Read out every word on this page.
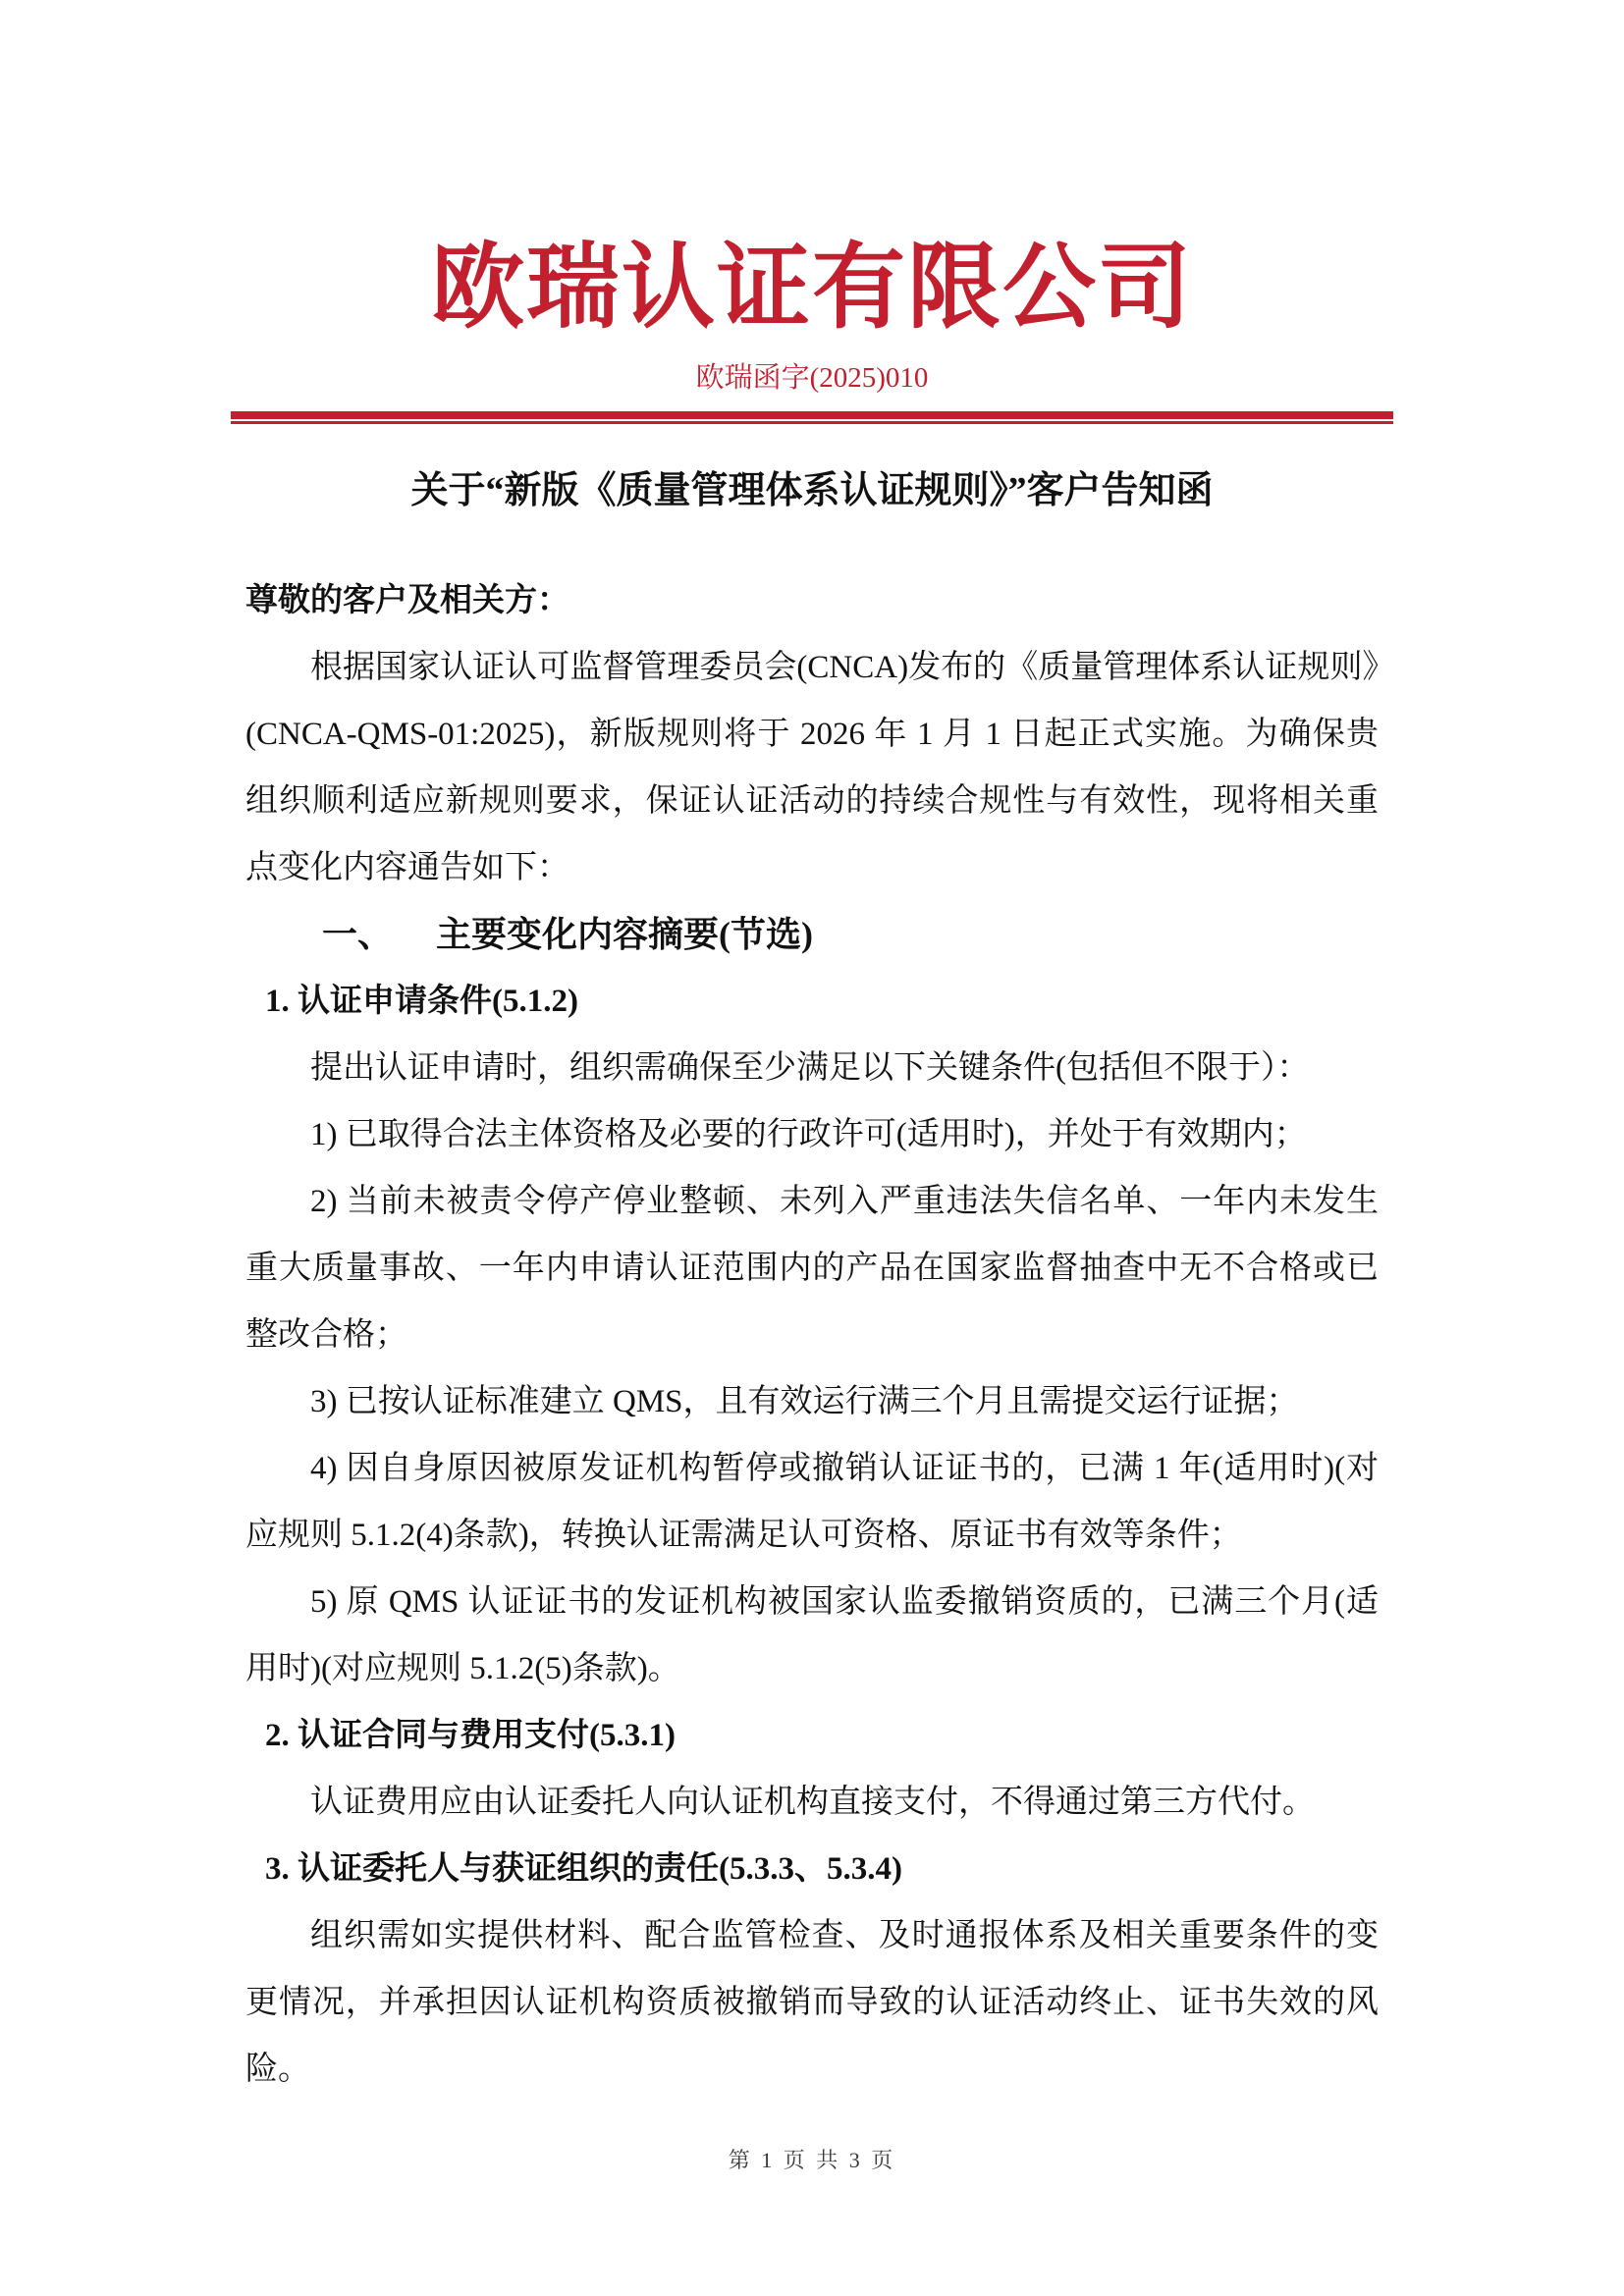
欧瑞认证有限公司
欧瑞函字(2025)010
关于“新版《质量管理体系认证规则》”客户告知函

尊敬的客户及相关方：

根据国家认证认可监督管理委员会(CNCA)发布的《质量管理体系认证规则》(CNCA-QMS-01:2025)，新版规则将于 2026 年 1 月 1 日起正式实施。为确保贵组织顺利适应新规则要求，保证认证活动的持续合规性与有效性，现将相关重点变化内容通告如下：

一、 主要变化内容摘要(节选)
1. 认证申请条件(5.1.2)

提出认证申请时，组织需确保至少满足以下关键条件(包括但不限于）：

1) 已取得合法主体资格及必要的行政许可(适用时)，并处于有效期内；

2) 当前未被责令停产停业整顿、未列入严重违法失信名单、一年内未发生重大质量事故、一年内申请认证范围内的产品在国家监督抽查中无不合格或已整改合格；

3) 已按认证标准建立 QMS，且有效运行满三个月且需提交运行证据；

4) 因自身原因被原发证机构暂停或撤销认证证书的，已满 1 年(适用时)(对应规则 5.1.2(4)条款)，转换认证需满足认可资格、原证书有效等条件；

5) 原 QMS 认证证书的发证机构被国家认监委撤销资质的，已满三个月(适用时)(对应规则 5.1.2(5)条款)。

2. 认证合同与费用支付(5.3.1)

认证费用应由认证委托人向认证机构直接支付，不得通过第三方代付。

3. 认证委托人与获证组织的责任(5.3.3、5.3.4)

组织需如实提供材料、配合监管检查、及时通报体系及相关重要条件的变更情况，并承担因认证机构资质被撤销而导致的认证活动终止、证书失效的风险。

第 1 页 共 3 页
